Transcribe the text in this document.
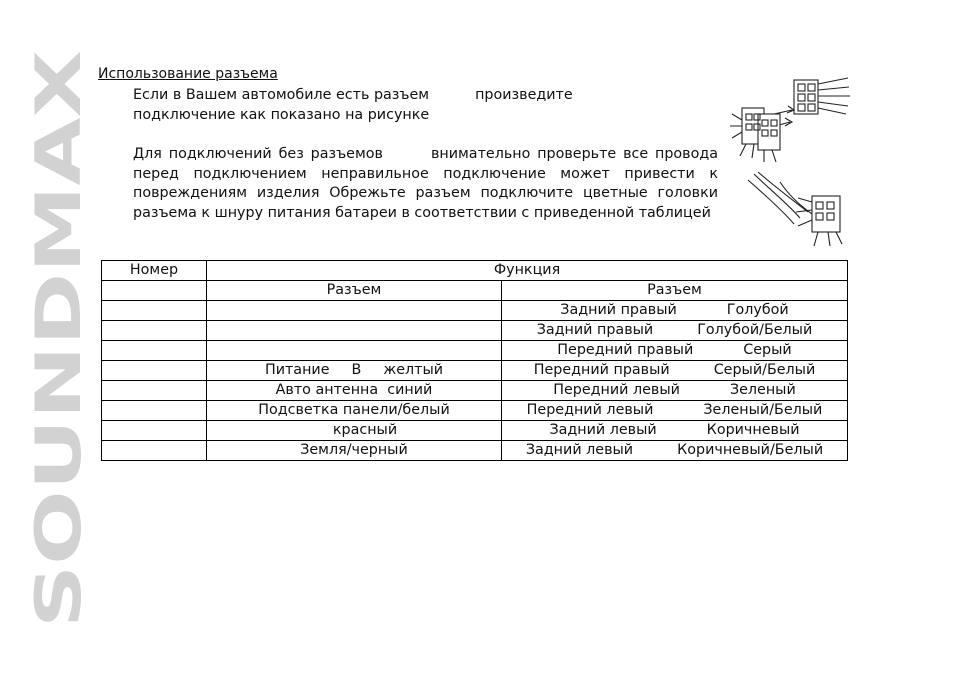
SOUNDMAX
Использование разъема

Если в Вашем автомобиле есть разъем	произведите
подключение как показано на рисунке

Для подключений без разъемов	внимательно проверьте все провода перед подключением неправильное подключение может привести к повреждениям изделия Обрежьте разъем подключите цветные головки разъема к шнуру питания батареи в соответствии с приведенной таблицей

Номер	Функция	
	Разъем	Разъем
		Задний правый Голубой
		Задний правый Голубой/Белый
		Передний правый Серый
	Питание В желтый	Передний правый Серый/Белый
	Авто антенна синий	Передний левый Зеленый
	Подсветка панели/белый	Передний левый Зеленый/Белый
	красный	Задний левый Коричневый
	Земля/черный	Задний левый Коричневый/Белый
